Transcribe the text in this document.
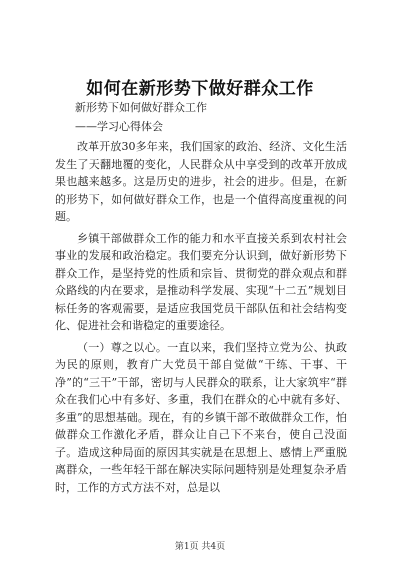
如何在新形势下做好群众工作
新形势下如何做好群众工作
——学习心得体会

改革开放30多年来，我们国家的政治、经济、文化生活发生了天翻地覆的变化，人民群众从中享受到的改革开放成果也越来越多。这是历史的进步，社会的进步。但是，在新的形势下，如何做好群众工作，也是一个值得高度重视的问题。

乡镇干部做群众工作的能力和水平直接关系到农村社会事业的发展和政治稳定。我们要充分认识到，做好新形势下群众工作，是坚持党的性质和宗旨、贯彻党的群众观点和群众路线的内在要求，是推动科学发展、实现“十二五”规划目标任务的客观需要，是适应我国党员干部队伍和社会结构变化、促进社会和谐稳定的重要途径。

（一）尊之以心。一直以来，我们坚持立党为公、执政为民的原则，教育广大党员干部自觉做“干练、干事、干净”的“三干”干部，密切与人民群众的联系，让大家筑牢“群众在我们心中有多好、多重，我们在群众的心中就有多好、多重”的思想基础。现在，有的乡镇干部不敢做群众工作，怕做群众工作激化矛盾，群众让自己下不来台，使自己没面子。造成这种局面的原因其实就是在思想上、感情上严重脱离群众，一些年轻干部在解决实际问题特别是处理复杂矛盾时，工作的方式方法不对，总是以

第1页 共4页
